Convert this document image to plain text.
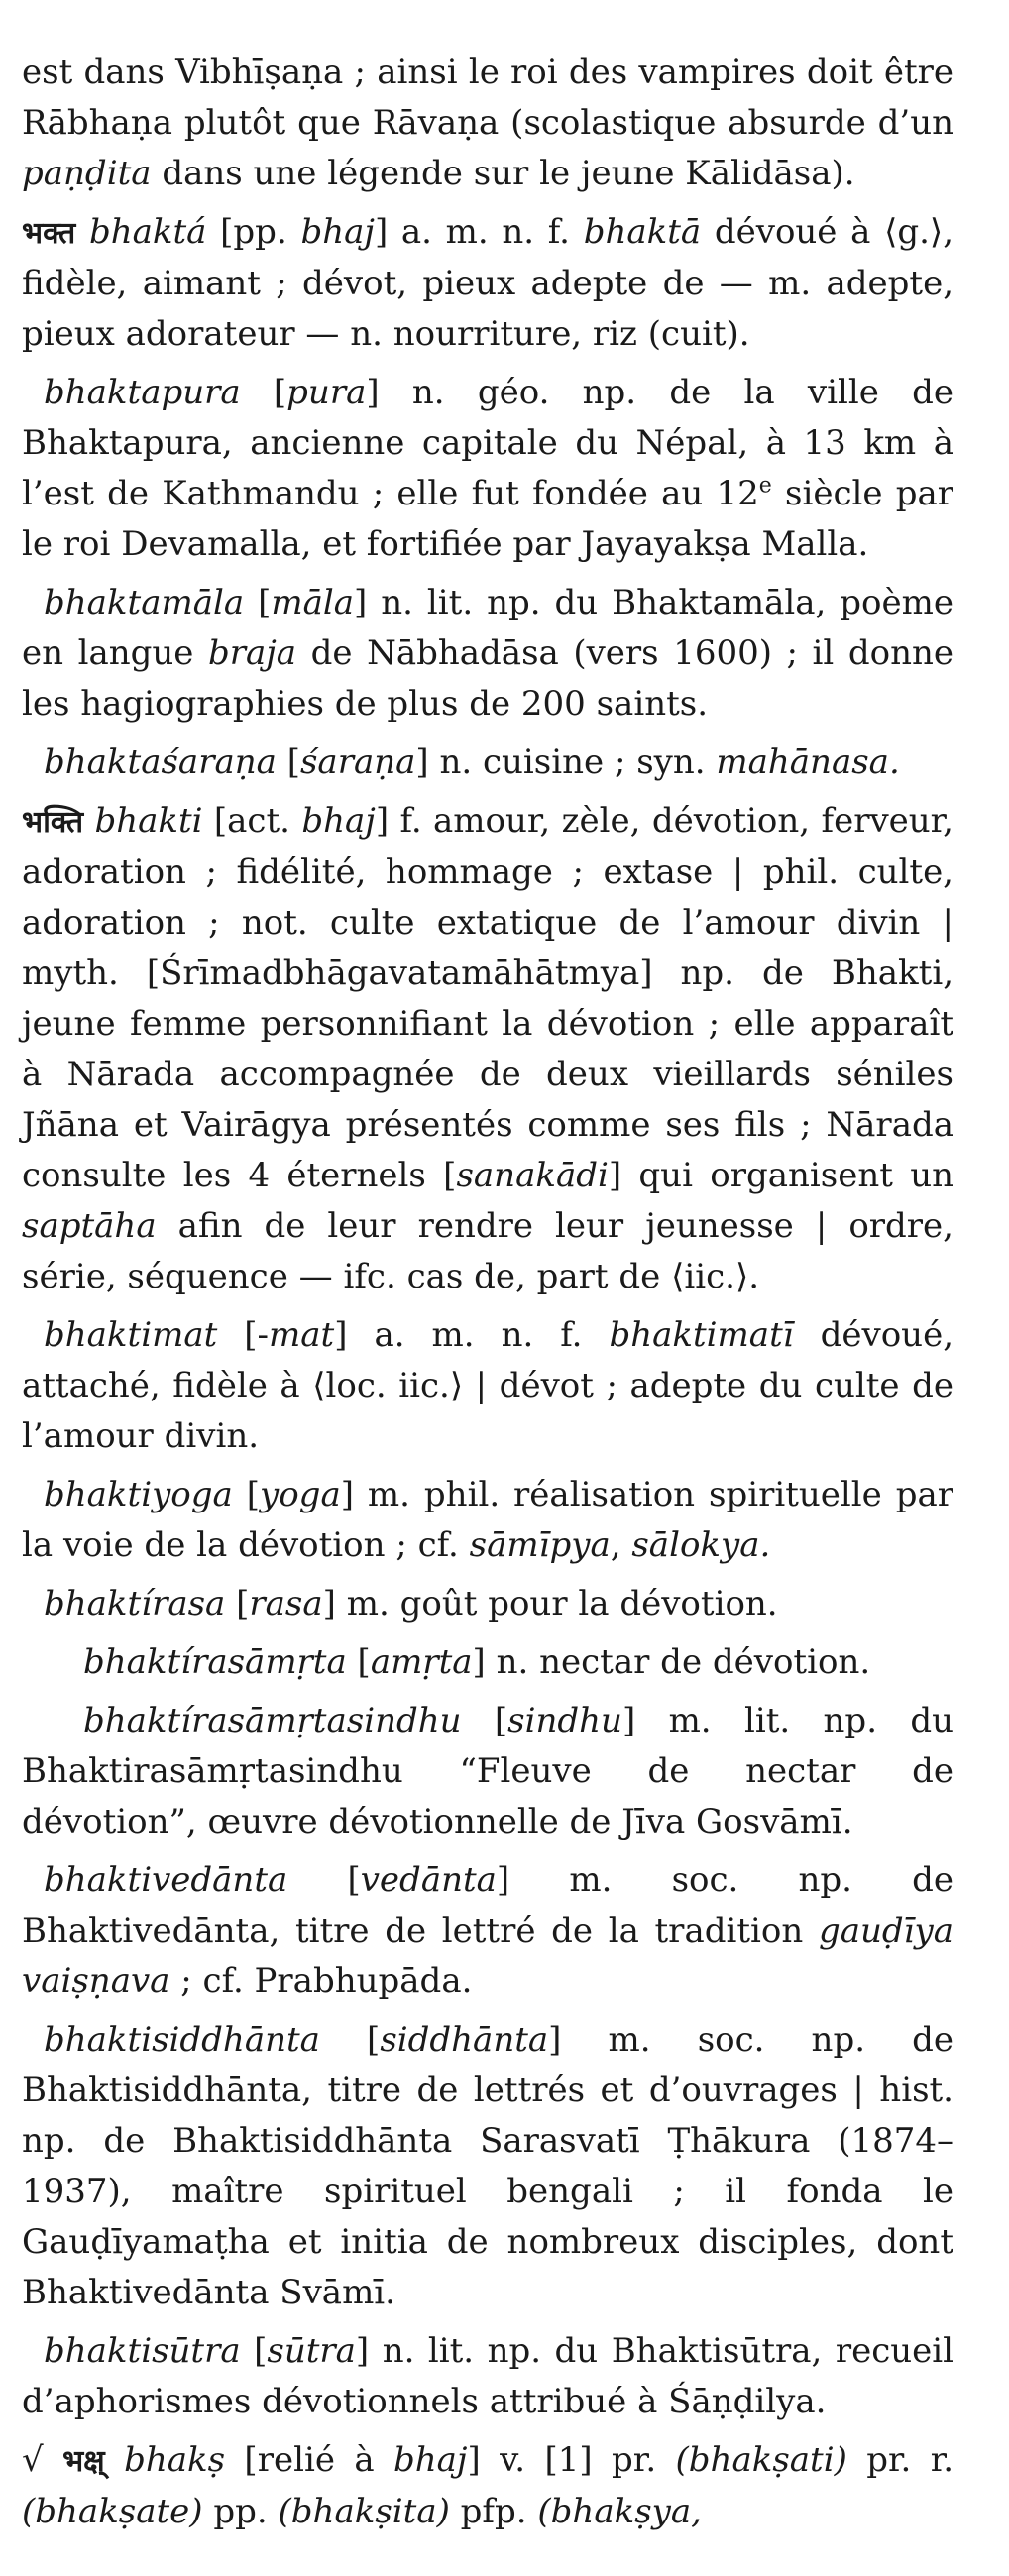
est dans Vibhīṣaṇa ; ainsi le roi des vampires doit être Rābhaṇa plutôt que Rāvaṇa (scolastique absurde d’un paṇḍita dans une légende sur le jeune Kālidāsa).

भक्त bhaktá [pp. bhaj] a. m. n. f. bhaktā dévoué à ⟨g.⟩, fidèle, aimant ; dévot, pieux adepte de — m. adepte, pieux adorateur — n. nourriture, riz (cuit).

bhaktapura [pura] n. géo. np. de la ville de Bhaktapura, ancienne capitale du Népal, à 13 km à l’est de Kathmandu ; elle fut fondée au 12e siècle par le roi Devamalla, et fortifiée par Jayayakṣa Malla.

bhaktamāla [māla] n. lit. np. du Bhaktamāla, poème en langue braja de Nābhadāsa (vers 1600) ; il donne les hagiographies de plus de 200 saints.

bhaktaśaraṇa [śaraṇa] n. cuisine ; syn. mahānasa.

भक्ति bhakti [act. bhaj] f. amour, zèle, dévotion, ferveur, adoration ; fidélité, hommage ; extase | phil. culte, adoration ; not. culte extatique de l’amour divin | myth. [Śrīmadbhāgavatamāhātmya] np. de Bhakti, jeune femme personnifiant la dévotion ; elle apparaît à Nārada accompagnée de deux vieillards séniles Jñāna et Vairāgya présentés comme ses fils ; Nārada consulte les 4 éternels [sanakādi] qui organisent un saptāha afin de leur rendre leur jeunesse | ordre, série, séquence — ifc. cas de, part de ⟨iic.⟩.

bhaktimat [-mat] a. m. n. f. bhaktimatī dévoué, attaché, fidèle à ⟨loc. iic.⟩ | dévot ; adepte du culte de l’amour divin.

bhaktiyoga [yoga] m. phil. réalisation spirituelle par la voie de la dévotion ; cf. sāmīpya, sālokya.

bhaktírasa [rasa] m. goût pour la dévotion.

bhaktírasāmṛta [amṛta] n. nectar de dévotion.

bhaktírasāmṛtasindhu [sindhu] m. lit. np. du Bhaktirasāmṛtasindhu “Fleuve de nectar de dévotion”, œuvre dévotionnelle de Jīva Gosvāmī.

bhaktivedānta [vedānta] m. soc. np. de Bhaktivedānta, titre de lettré de la tradition gauḍīya vaiṣṇava ; cf. Prabhupāda.

bhaktisiddhānta [siddhānta] m. soc. np. de Bhaktisiddhānta, titre de lettrés et d’ouvrages | hist. np. de Bhaktisiddhānta Sarasvatī Ṭhākura (1874–1937), maître spirituel bengali ; il fonda le Gauḍīyamaṭha et initia de nombreux disciples, dont Bhaktivedānta Svāmī.

bhaktisūtra [sūtra] n. lit. np. du Bhaktisūtra, recueil d’aphorismes dévotionnels attribué à Śāṇḍilya.

√ भक्ष् bhakṣ [relié à bhaj] v. [1] pr. (bhakṣati) pr. r. (bhakṣate) pp. (bhakṣita) pfp. (bhakṣya,
